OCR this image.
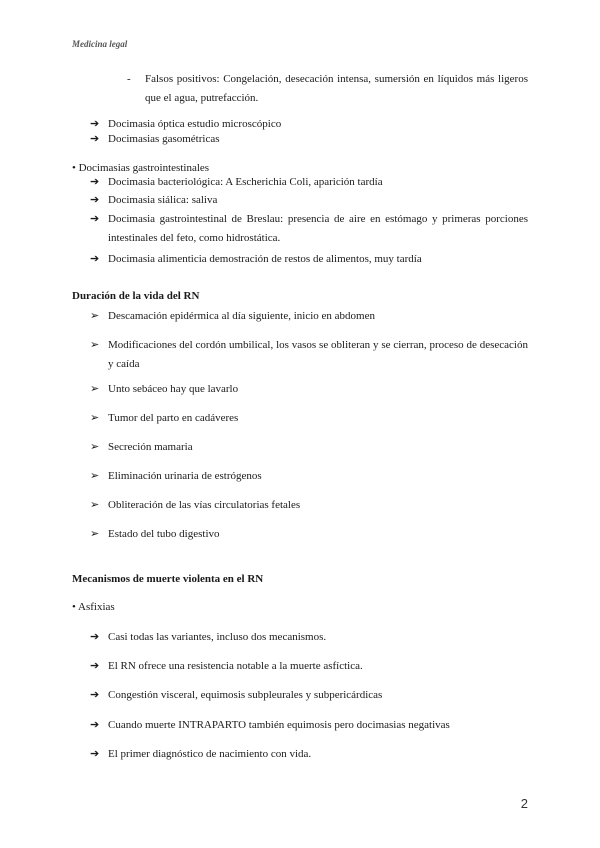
Medicina legal
- Falsos positivos: Congelación, desecación intensa, sumersión en líquidos más ligeros que el agua, putrefacción.
➔ Docimasia óptica estudio microscópico
➔ Docimasias gasométricas
• Docimasias gastrointestinales
➔ Docimasia bacteriológica: A Escherichia Coli, aparición tardía
➔ Docimasia siálica: saliva
➔ Docimasia gastrointestinal de Breslau: presencia de aire en estómago y primeras porciones intestinales del feto, como hidrostática.
➔ Docimasia alimenticia demostración de restos de alimentos, muy tardía
Duración de la vida del RN
➢ Descamación epidérmica al día siguiente, inicio en abdomen
➢ Modificaciones del cordón umbilical, los vasos se obliteran y se cierran, proceso de desecación y caída
➢ Unto sebáceo hay que lavarlo
➢ Tumor del parto en cadáveres
➢ Secreción mamaria
➢ Eliminación urinaria de estrógenos
➢ Obliteración de las vías circulatorias fetales
➢ Estado del tubo digestivo
Mecanismos de muerte violenta en el RN
• Asfixias
➔ Casi todas las variantes, incluso dos mecanismos.
➔ El RN ofrece una resistencia notable a la muerte asfíctica.
➔ Congestión visceral, equimosis subpleurales y subpericárdicas
➔ Cuando muerte INTRAPARTO también equimosis pero docimasias negativas
➔ El primer diagnóstico de nacimiento con vida.
2
